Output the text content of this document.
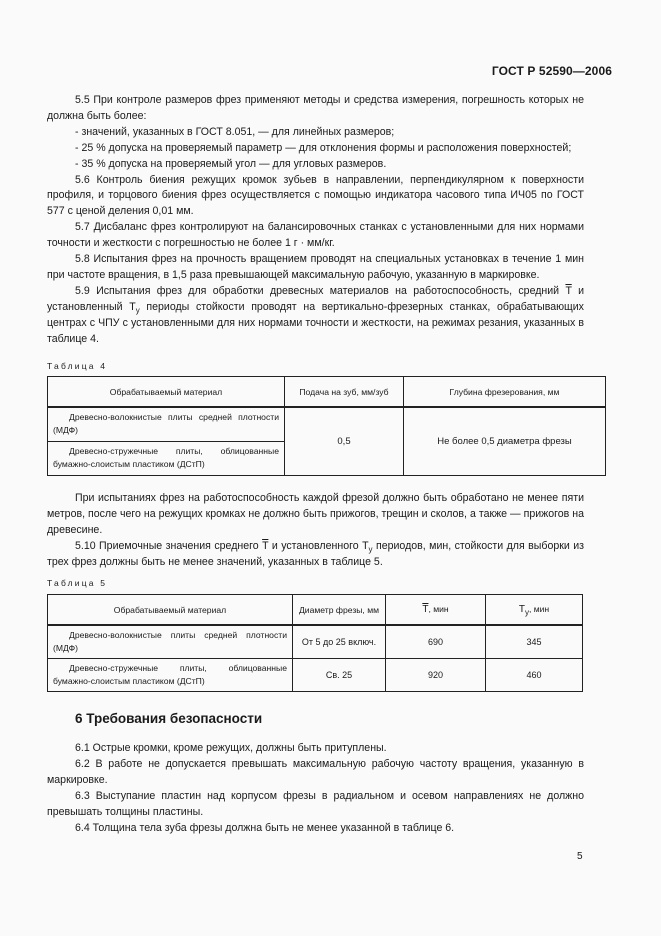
ГОСТ Р 52590—2006

5.5 При контроле размеров фрез применяют методы и средства измерения, погрешность которых не должна быть более:

- значений, указанных в ГОСТ 8.051, — для линейных размеров;

- 25 % допуска на проверяемый параметр — для отклонения формы и расположения поверхностей;

- 35 % допуска на проверяемый угол — для угловых размеров.

5.6 Контроль биения режущих кромок зубьев в направлении, перпендикулярном к поверхности профиля, и торцового биения фрез осуществляется с помощью индикатора часового типа ИЧ05 по ГОСТ 577 с ценой деления 0,01 мм.

5.7 Дисбаланс фрез контролируют на балансировочных станках с установленными для них нормами точности и жесткости с погрешностью не более 1 г · мм/кг.

5.8 Испытания фрез на прочность вращением проводят на специальных установках в течение 1 мин при частоте вращения, в 1,5 раза превышающей максимальную рабочую, указанную в маркировке.

5.9 Испытания фрез для обработки древесных материалов на работоспособность, средний $\overline{T}$ и установленный $T_у$ периоды стойкости проводят на вертикально-фрезерных станках, обрабатывающих центрах с ЧПУ с установленными для них нормами точности и жесткости, на режимах резания, указанных в таблице 4.

Таблица 4
Обрабатываемый материал	Подача на зуб, мм/зуб	Глубина фрезерования, мм
Древесно-волокнистые плиты средней плотности (МДФ)	0,5	Не более 0,5 диаметра фрезы
Древесно-стружечные плиты, облицованные бумажно-слоистым пластиком (ДСтП)		

При испытаниях фрез на работоспособность каждой фрезой должно быть обработано не менее пяти метров, после чего на режущих кромках не должно быть прижогов, трещин и сколов, а также — прижогов на древесине.

5.10 Приемочные значения среднего $\overline{T}$ и установленного $T_у$ периодов, мин, стойкости для выборки из трех фрез должны быть не менее значений, указанных в таблице 5.

Таблица 5
Обрабатываемый материал	Диаметр фрезы, мм	$\overline{T}$, мин	$T_у$, мин
Древесно-волокнистые плиты средней плотности (МДФ)	От 5 до 25 включ.	690	345
Древесно-стружечные плиты, облицованные бумажно-слоистым пластиком (ДСтП)	Св. 25	920	460
6 Требования безопасности

6.1 Острые кромки, кроме режущих, должны быть притуплены.

6.2 В работе не допускается превышать максимальную рабочую частоту вращения, указанную в маркировке.

6.3 Выступание пластин над корпусом фрезы в радиальном и осевом направлениях не должно превышать толщины пластины.

6.4 Толщина тела зуба фрезы должна быть не менее указанной в таблице 6.

5
